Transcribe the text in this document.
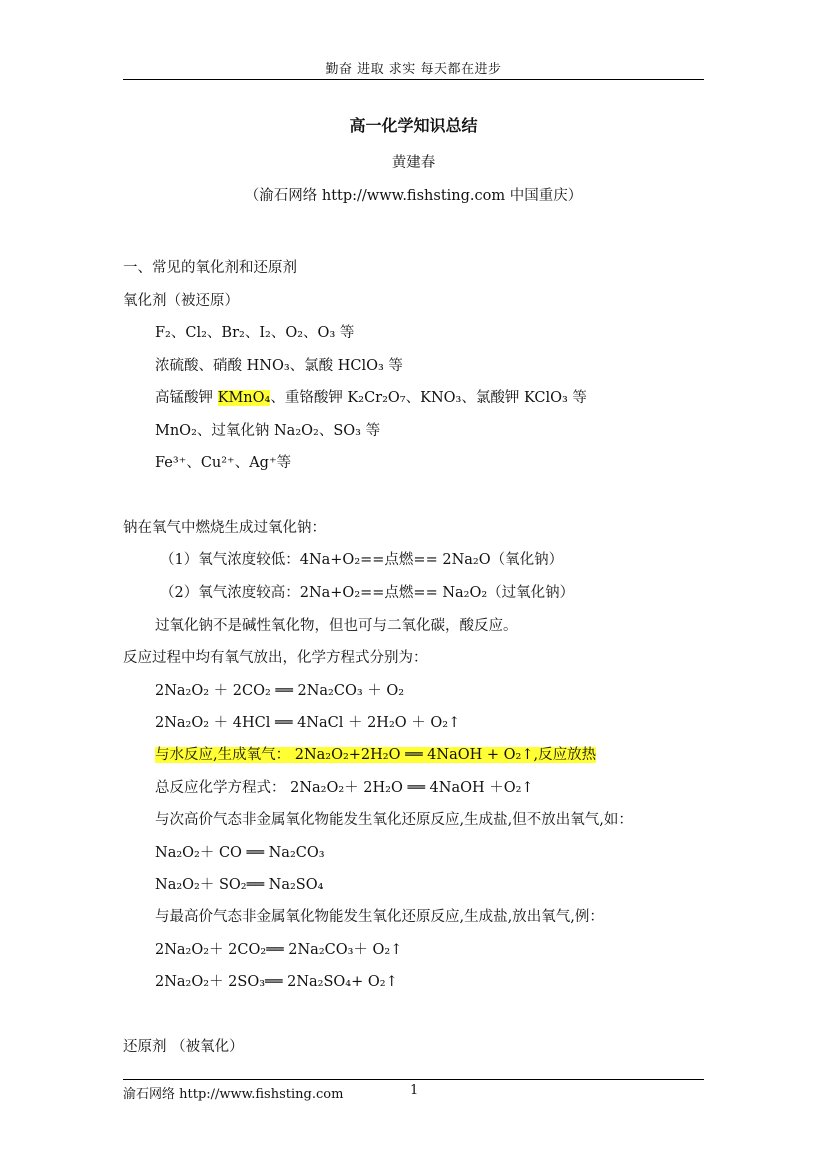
勤奋 进取 求实 每天都在进步
高一化学知识总结
黄建春
（渝石网络 http://www.fishsting.com 中国重庆）
一、常见的氧化剂和还原剂
氧化剂（被还原）
F₂、Cl₂、Br₂、I₂、O₂、O₃ 等
浓硫酸、硝酸 HNO₃、氯酸 HClO₃ 等
高锰酸钾 KMnO₄、重铬酸钾 K₂Cr₂O₇、KNO₃、氯酸钾 KClO₃ 等
MnO₂、过氧化钠 Na₂O₂、SO₃ 等
Fe³⁺、Cu²⁺、Ag⁺等
钠在氧气中燃烧生成过氧化钠：
（1）氧气浓度较低：4Na+O₂==点燃== 2Na₂O（氧化钠）
（2）氧气浓度较高：2Na+O₂==点燃== Na₂O₂（过氧化钠）
过氧化钠不是碱性氧化物，但也可与二氧化碳，酸反应。
反应过程中均有氧气放出，化学方程式分别为：
2Na₂O₂ ＋ 2CO₂ ══ 2Na₂CO₃ ＋ O₂
2Na₂O₂ ＋ 4HCl ══ 4NaCl ＋ 2H₂O ＋ O₂↑
与水反应,生成氧气： 2Na₂O₂+2H₂O ══ 4NaOH + O₂↑,反应放热
总反应化学方程式： 2Na₂O₂＋ 2H₂O ══ 4NaOH ＋O₂↑
与次高价气态非金属氧化物能发生氧化还原反应,生成盐,但不放出氧气,如：
Na₂O₂＋ CO ══ Na₂CO₃
Na₂O₂＋ SO₂══ Na₂SO₄
与最高价气态非金属氧化物能发生氧化还原反应,生成盐,放出氧气,例：
2Na₂O₂＋ 2CO₂══ 2Na₂CO₃＋ O₂↑
2Na₂O₂＋ 2SO₃══ 2Na₂SO₄+ O₂↑
还原剂 （被氧化）
渝石网络 http://www.fishsting.com	1
